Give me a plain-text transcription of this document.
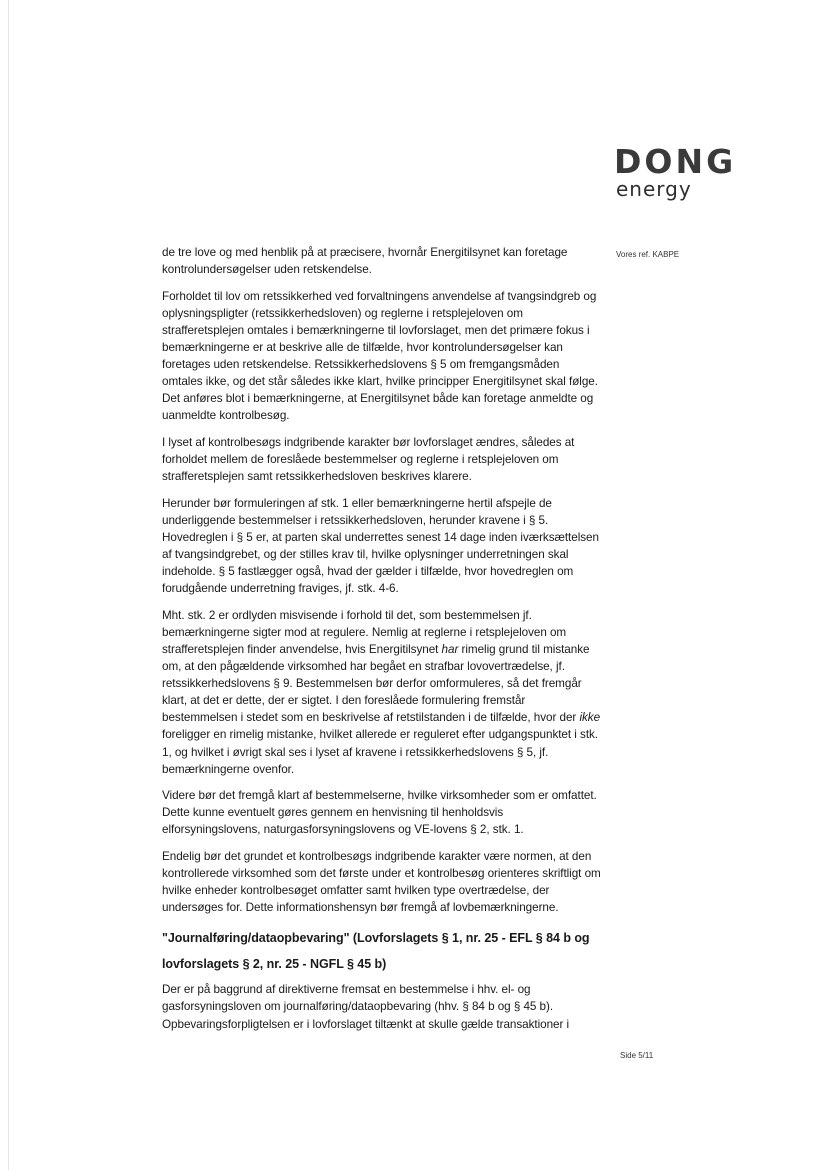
DONG
energy
Vores ref. KABPE

de tre love og med henblik på at præcisere, hvornår Energitilsynet kan foretage kontrolundersøgelser uden retskendelse.

Forholdet til lov om retssikkerhed ved forvaltningens anvendelse af tvangsindgreb og oplysningspligter (retssikkerhedsloven) og reglerne i retsplejeloven om strafferetsplejen omtales i bemærkningerne til lovforslaget, men det primære fokus i bemærkningerne er at beskrive alle de tilfælde, hvor kontrolundersøgelser kan foretages uden retskendelse. Retssikkerhedslovens § 5 om fremgangsmåden omtales ikke, og det står således ikke klart, hvilke principper Energitilsynet skal følge. Det anføres blot i bemærkningerne, at Energitilsynet både kan foretage anmeldte og uanmeldte kontrolbesøg.

I lyset af kontrolbesøgs indgribende karakter bør lovforslaget ændres, således at forholdet mellem de foreslåede bestemmelser og reglerne i retsplejeloven om strafferetsplejen samt retssikkerhedsloven beskrives klarere.

Herunder bør formuleringen af stk. 1 eller bemærkningerne hertil afspejle de underliggende bestemmelser i retssikkerhedsloven, herunder kravene i § 5. Hovedreglen i § 5 er, at parten skal underrettes senest 14 dage inden iværksættelsen af tvangsindgrebet, og der stilles krav til, hvilke oplysninger underretningen skal indeholde. § 5 fastlægger også, hvad der gælder i tilfælde, hvor hovedreglen om forudgående underretning fraviges, jf. stk. 4-6.

Mht. stk. 2 er ordlyden misvisende i forhold til det, som bestemmelsen jf. bemærkningerne sigter mod at regulere. Nemlig at reglerne i retsplejeloven om strafferetsplejen finder anvendelse, hvis Energitilsynet har rimelig grund til mistanke om, at den pågældende virksomhed har begået en strafbar lovovertrædelse, jf. retssikkerhedslovens § 9. Bestemmelsen bør derfor omformuleres, så det fremgår klart, at det er dette, der er sigtet. I den foreslåede formulering fremstår bestemmelsen i stedet som en beskrivelse af retstilstanden i de tilfælde, hvor der ikke foreligger en rimelig mistanke, hvilket allerede er reguleret efter udgangspunktet i stk. 1, og hvilket i øvrigt skal ses i lyset af kravene i retssikkerhedslovens § 5, jf. bemærkningerne ovenfor.

Videre bør det fremgå klart af bestemmelserne, hvilke virksomheder som er omfattet. Dette kunne eventuelt gøres gennem en henvisning til henholdsvis elforsyningslovens, naturgasforsyningslovens og VE-lovens § 2, stk. 1.

Endelig bør det grundet et kontrolbesøgs indgribende karakter være normen, at den kontrollerede virksomhed som det første under et kontrolbesøg orienteres skriftligt om hvilke enheder kontrolbesøget omfatter samt hvilken type overtrædelse, der undersøges for. Dette informationshensyn bør fremgå af lovbemærkningerne.

"Journalføring/dataopbevaring" (Lovforslagets § 1, nr. 25 - EFL § 84 b og
lovforslagets § 2, nr. 25 - NGFL § 45 b)

Der er på baggrund af direktiverne fremsat en bestemmelse i hhv. el- og gasforsyningsloven om journalføring/dataopbevaring (hhv. § 84 b og § 45 b). Opbevaringsforpligtelsen er i lovforslaget tiltænkt at skulle gælde transaktioner i

Side 5/11
